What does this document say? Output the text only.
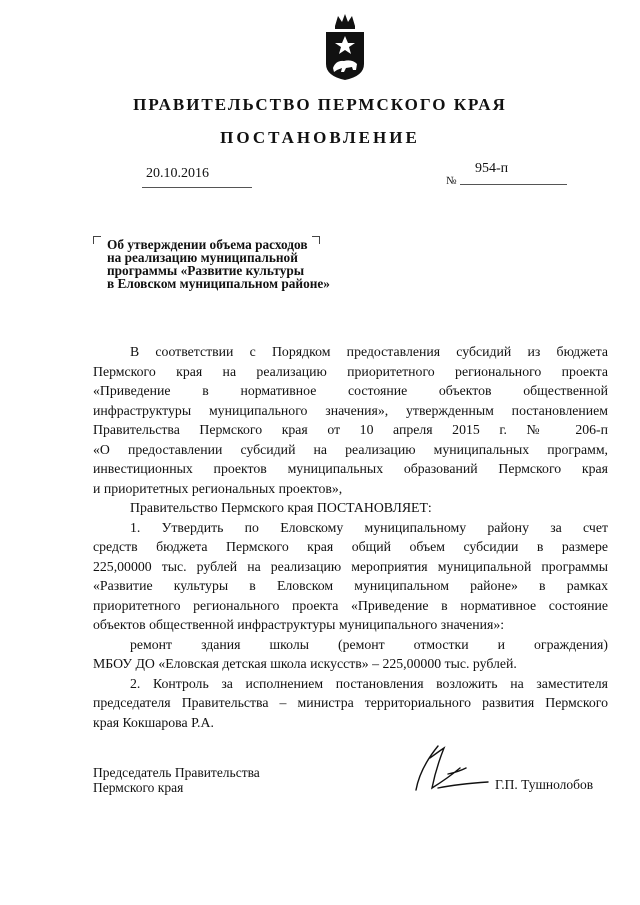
ПРАВИТЕЛЬСТВО ПЕРМСКОГО КРАЯ
ПОСТАНОВЛЕНИЕ
20.10.2016	954-п
№
Об утверждении объема расходов
на реализацию муниципальной
программы «Развитие культуры
в Еловском муниципальном районе»

В соответствии с Порядком предоставления субсидий из бюджета

Пермского края на реализацию приоритетного регионального проекта

«Приведение в нормативное состояние объектов общественной

инфраструктуры муниципального значения», утвержденным постановлением

Правительства Пермского края от 10 апреля 2015 г. № 206-п

«О предоставлении субсидий на реализацию муниципальных программ,

инвестиционных проектов муниципальных образований Пермского края

и приоритетных региональных проектов»,

Правительство Пермского края ПОСТАНОВЛЯЕТ:

1. Утвердить по Еловскому муниципальному району за счет

средств бюджета Пермского края общий объем субсидии в размере

225,00000 тыс. рублей на реализацию мероприятия муниципальной программы

«Развитие культуры в Еловском муниципальном районе» в рамках

приоритетного регионального проекта «Приведение в нормативное состояние

объектов общественной инфраструктуры муниципального значения»:

ремонт здания школы (ремонт отмостки и ограждения)

МБОУ ДО «Еловская детская школа искусств» – 225,00000 тыс. рублей.

2. Контроль за исполнением постановления возложить на заместителя

председателя Правительства – министра территориального развития Пермского

края Кокшарова Р.А.

Председатель Правительства
Пермского края	Г.П. Тушнолобов
